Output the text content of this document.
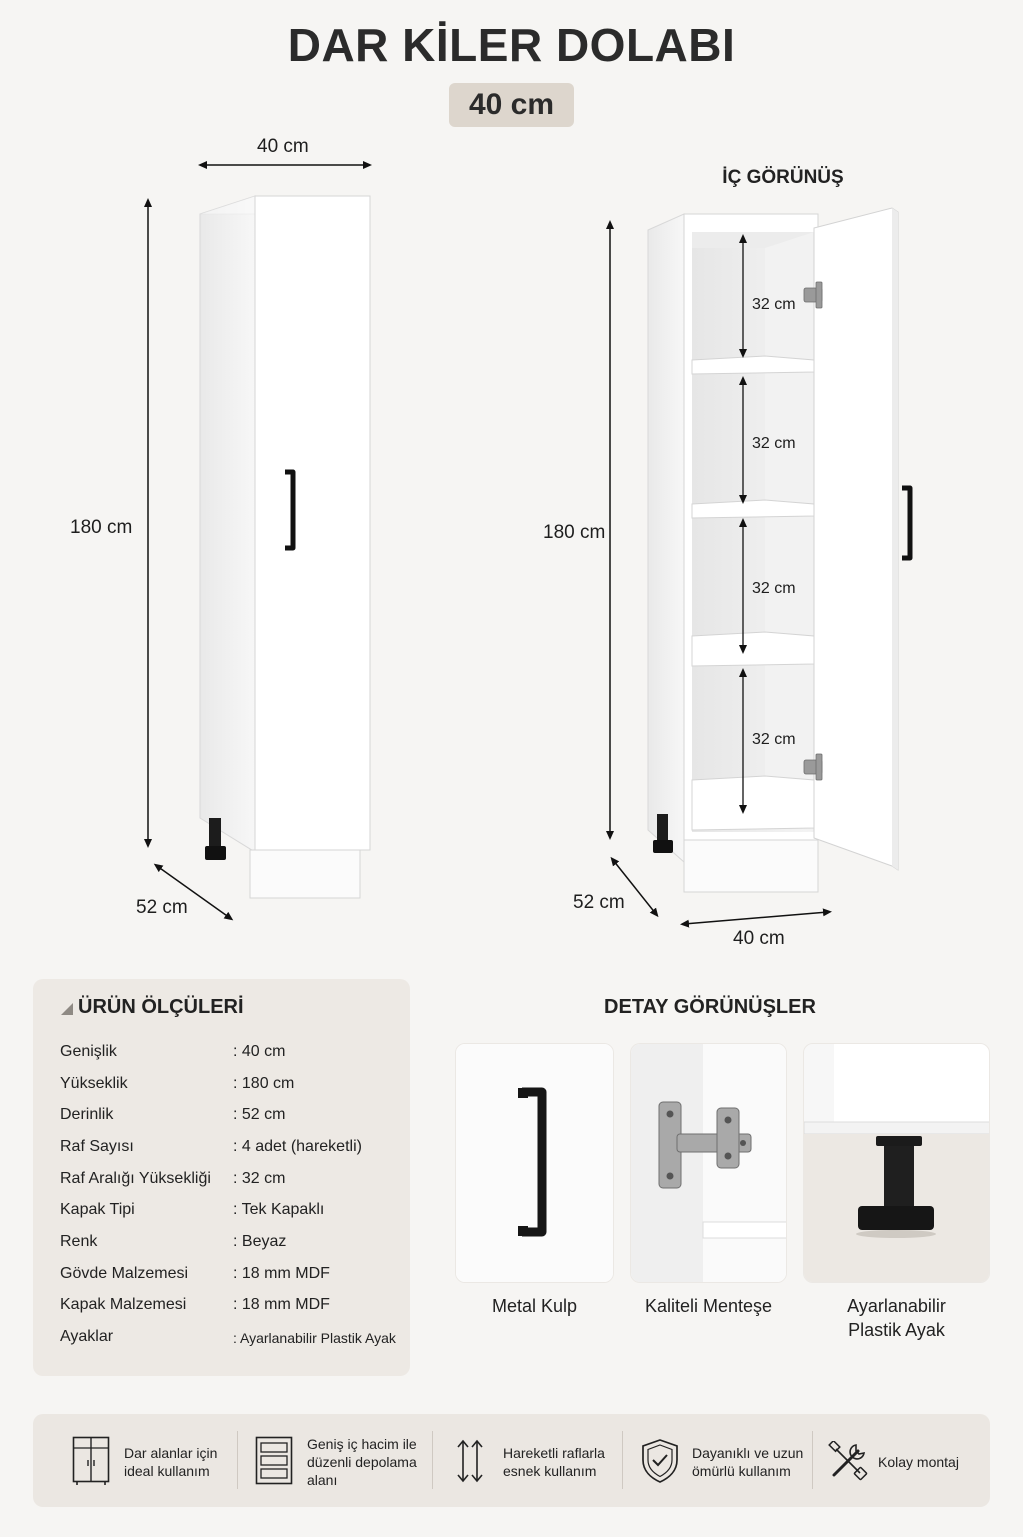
DAR KİLER DOLABI
40 cm
40 cm
180 cm
52 cm
İÇ GÖRÜNÜŞ
180 cm
52 cm
40 cm
32 cm
32 cm
32 cm
32 cm
ÜRÜN ÖLÇÜLERİ
Genişlik	: 40 cm
Yükseklik	: 180 cm
Derinlik	: 52 cm
Raf Sayısı	: 4 adet (hareketli)
Raf Aralığı Yüksekliği : 32 cm
Kapak Tipi	: Tek Kapaklı
Renk	: Beyaz
Gövde Malzemesi	: 18 mm MDF
Kapak Malzemesi	: 18 mm MDF
Ayaklar	: Ayarlanabilir Plastik Ayak
DETAY GÖRÜNÜŞLER
Metal Kulp	Kaliteli Menteşe	Ayarlanabilir
Plastik Ayak
Dar alanlar için
ideal kullanım
Geniş iç hacim ile
düzenli depolama
alanı
Hareketli raflarla
esnek kullanım
Dayanıklı ve uzun
ömürlü kullanım
Kolay montaj
